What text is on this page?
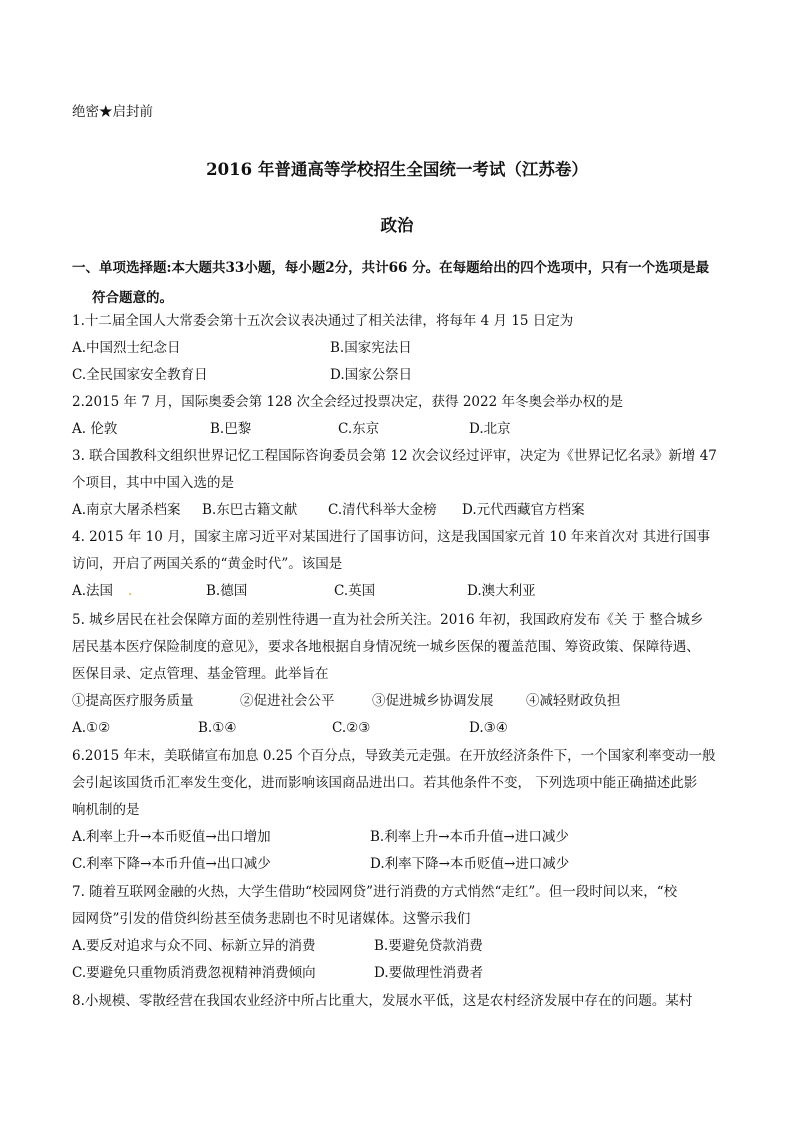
绝密★启封前
2016 年普通高等学校招生全国统一考试（江苏卷）
政治
一、单项选择题:本大题共33小题，每小题2分，共计66 分。在每题给出的四个选项中，只有一个选项是最
符合题意的。
1.十二届全国人大常委会第十五次会议表决通过了相关法律，将每年 4 月 15 日定为
A.中国烈士纪念日	B.国家宪法日
C.全民国家安全教育日	D.国家公祭日
2.2015 年 7 月，国际奥委会第 128 次全会经过投票决定，获得 2022 年冬奥会举办权的是
A. 伦敦	B.巴黎	C.东京	D.北京
3. 联合国教科文组织世界记忆工程国际咨询委员会第 12 次会议经过评审，决定为《世界记忆名录》新增 47
个项目，其中中国入选的是
A.南京大屠杀档案 B.东巴古籍文献 C.清代科举大金榜 D.元代西藏官方档案
4. 2015 年 10 月，国家主席习近平对某国进行了国事访问，这是我国国家元首 10 年来首次对 其进行国事
访问，开启了两国关系的“黄金时代”。该国是
A.法国 .	B.德国	C.英国	D.澳大利亚
5. 城乡居民在社会保障方面的差别性待遇一直为社会所关注。2016 年初，我国政府发布《关 于 整合城乡
居民基本医疗保险制度的意见》，要求各地根据自身情况统一城乡医保的覆盖范围、筹资政策、保障待遇、
医保目录、定点管理、基金管理。此举旨在
①提高医疗服务质量	②促进社会公平	③促进城乡协调发展 ④减轻财政负担
A.①②	B.①④	C.②③	D.③④
6.2015 年末，美联储宣布加息 0.25 个百分点，导致美元走强。在开放经济条件下，一个国家利率变动一般
会引起该国货币汇率发生变化，进而影响该国商品进出口。若其他条件不变， 下列选项中能正确描述此影
响机制的是
A.利率上升→本币贬值→出口增加	B.利率上升→本币升值→进口减少
C.利率下降→本币升值→出口减少	D.利率下降→本币贬值→进口减少
7. 随着互联网金融的火热，大学生借助“校园网贷”进行消费的方式悄然“走红”。但一段时间以来，“校
园网贷”引发的借贷纠纷甚至债务悲剧也不时见诸媒体。这警示我们
A.要反对追求与众不同、标新立异的消费	B.要避免贷款消费
C.要避免只重物质消费忽视精神消费倾向	D.要做理性消费者
8.小规模、零散经营在我国农业经济中所占比重大，发展水平低，这是农村经济发展中存在的问题。某村
